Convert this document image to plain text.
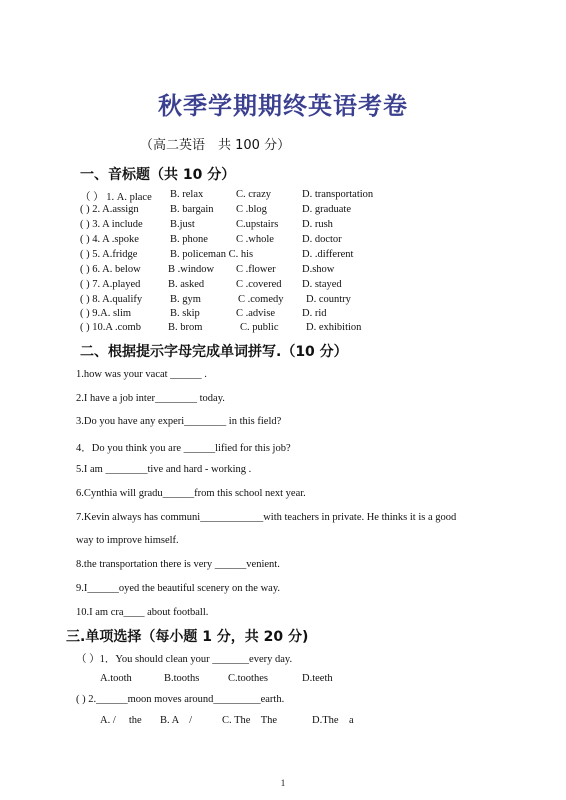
秋季学期期终英语考卷
（高二英语　共 100 分）
一、音标题（共 10 分）
（ ） 1. A. place B. relax	C. crazy	D. transportation
( ) 2. A.assign	B. bargain C .blog	D. graduate
( ) 3. A include	B.just	C.upstairs D. rush
( ) 4. A .spoke	B. phone	C .whole	D. doctor
( ) 5. A.fridge	B. policeman C. his	D. .different
( ) 6. A. below	B .window C .flower	D.show
( ) 7. A.played	B. asked	C .covered D. stayed
( ) 8. A.qualify	B. gym	C .comedy D. country
( ) 9.A. slim	B. skip	C .advise	D. rid
( ) 10.A .comb	B. brom	C. public	D. exhibition
二、根据提示字母完成单词拼写.（10 分）
1.how was your vacat ______ .
2.I have a job inter________ today.
3.Do you have any experi________ in this field?
4．Do you think you are ______lified for this job?
5.I am ________tive and hard - working .
6.Cynthia will gradu______from this school next year.
7.Kevin always has communi____________with teachers in private. He thinks it is a good
way to improve himself.
8.the transportation there is very ______venient.
9.I______oyed the beautiful scenery on the way.
10.I am cra____ about football.
三.单项选择（每小题 1 分，共 20 分)
（ ）1．You should clean your _______every day.
A.tooth	B.tooths	C.toothes	D.teeth
( ) 2.______moon moves around_________earth.
A. /     the B. A    /	C. The    The	D.The    a
1
